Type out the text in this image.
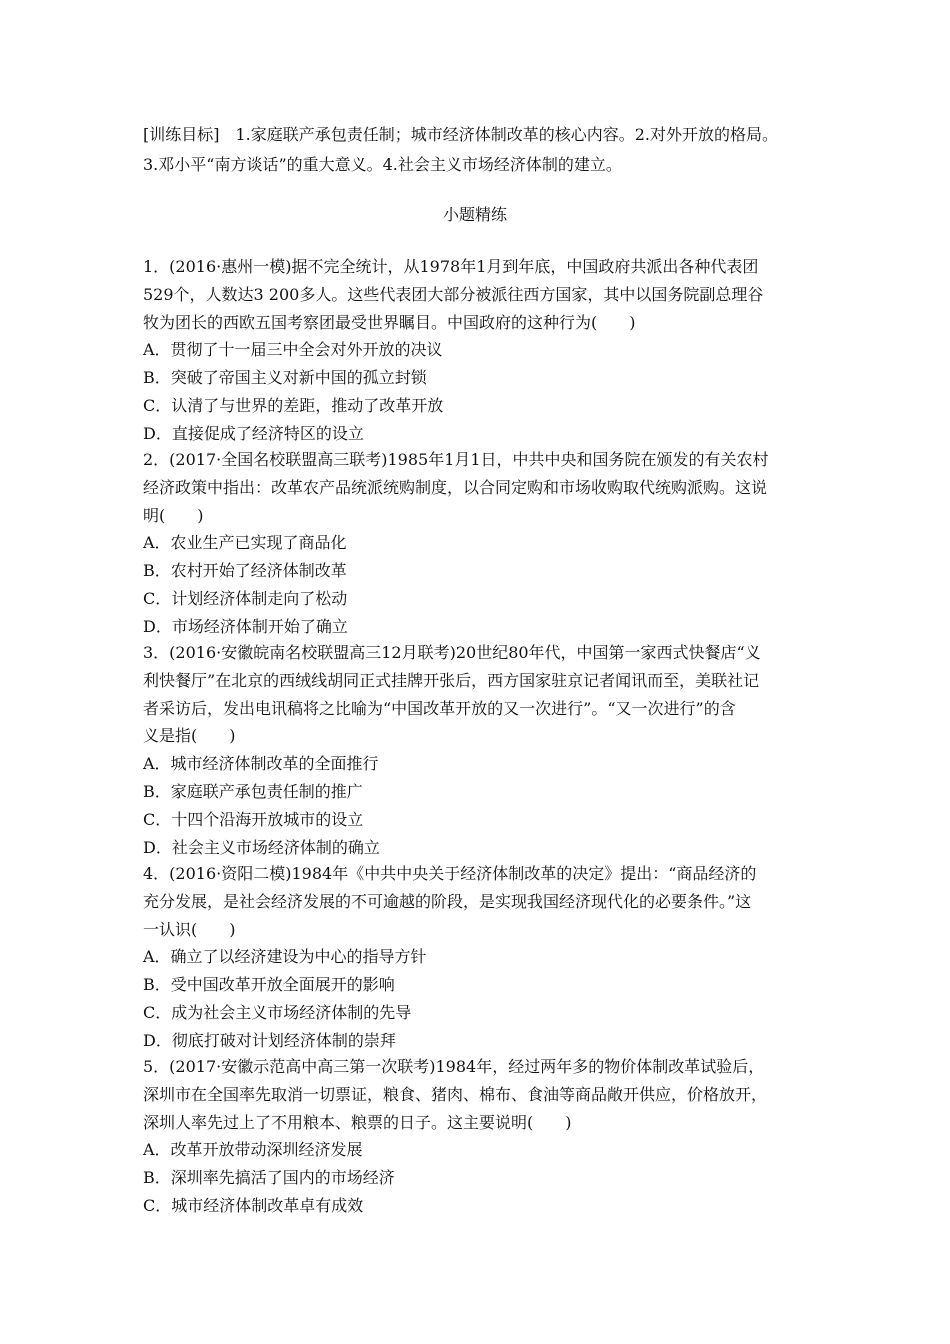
[训练目标]　1.家庭联产承包责任制；城市经济体制改革的核心内容。2.对外开放的格局。
3.邓小平“南方谈话”的重大意义。4.社会主义市场经济体制的建立。
小题精练
1．(2016·惠州一模)据不完全统计，从1978年1月到年底，中国政府共派出各种代表团
529个，人数达3 200多人。这些代表团大部分被派往西方国家，其中以国务院副总理谷
牧为团长的西欧五国考察团最受世界瞩目。中国政府的这种行为(　　)
A．贯彻了十一届三中全会对外开放的决议
B．突破了帝国主义对新中国的孤立封锁
C．认清了与世界的差距，推动了改革开放
D．直接促成了经济特区的设立
2．(2017·全国名校联盟高三联考)1985年1月1日，中共中央和国务院在颁发的有关农村
经济政策中指出：改革农产品统派统购制度，以合同定购和市场收购取代统购派购。这说
明(　　)
A．农业生产已实现了商品化
B．农村开始了经济体制改革
C．计划经济体制走向了松动
D．市场经济体制开始了确立
3．(2016·安徽皖南名校联盟高三12月联考)20世纪80年代，中国第一家西式快餐店“义
利快餐厅”在北京的西绒线胡同正式挂牌开张后，西方国家驻京记者闻讯而至，美联社记
者采访后，发出电讯稿将之比喻为“中国改革开放的又一次进行”。“又一次进行”的含
义是指(　　)
A．城市经济体制改革的全面推行
B．家庭联产承包责任制的推广
C．十四个沿海开放城市的设立
D．社会主义市场经济体制的确立
4．(2016·资阳二模)1984年《中共中央关于经济体制改革的决定》提出：“商品经济的
充分发展，是社会经济发展的不可逾越的阶段，是实现我国经济现代化的必要条件。”这
一认识(　　)
A．确立了以经济建设为中心的指导方针
B．受中国改革开放全面展开的影响
C．成为社会主义市场经济体制的先导
D．彻底打破对计划经济体制的崇拜
5．(2017·安徽示范高中高三第一次联考)1984年，经过两年多的物价体制改革试验后，
深圳市在全国率先取消一切票证，粮食、猪肉、棉布、食油等商品敞开供应，价格放开，
深圳人率先过上了不用粮本、粮票的日子。这主要说明(　　)
A．改革开放带动深圳经济发展
B．深圳率先搞活了国内的市场经济
C．城市经济体制改革卓有成效
